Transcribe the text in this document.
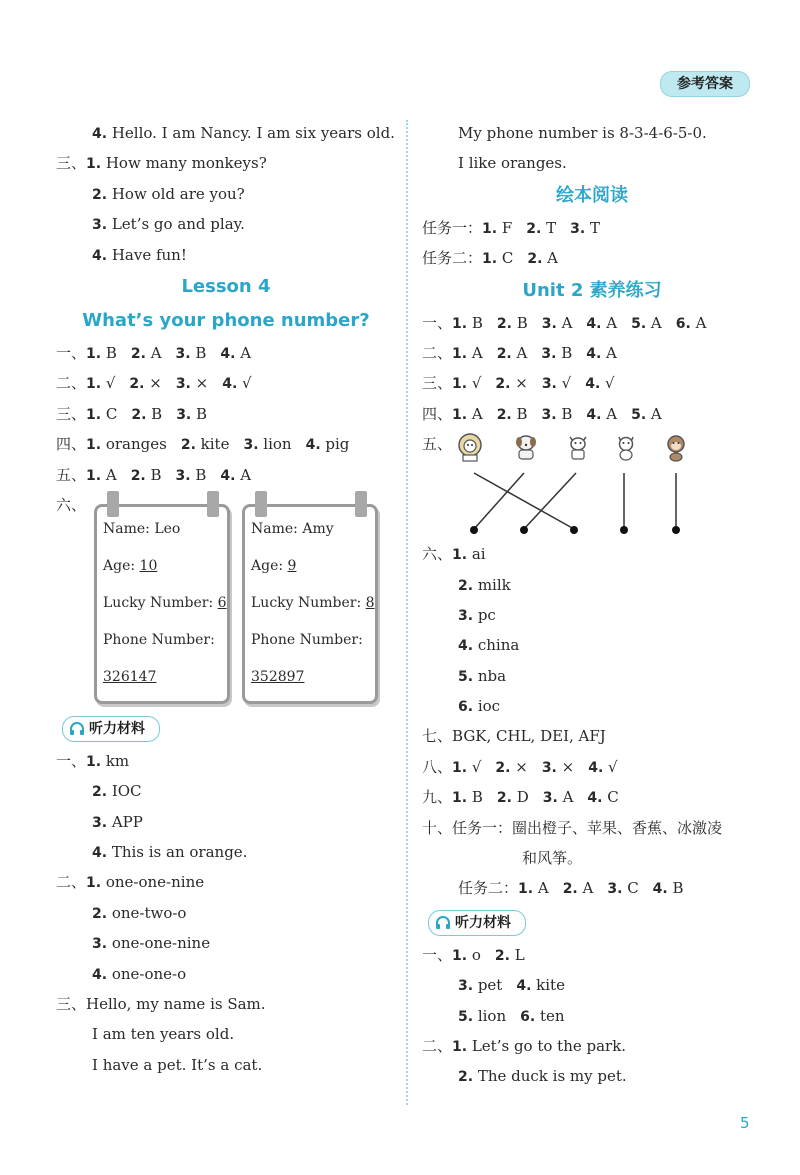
参考答案
4. Hello. I am Nancy. I am six years old.
三、1. How many monkeys?
2. How old are you?
3. Let’s go and play.
4. Have fun!
Lesson 4
What’s your phone number?
一、1. B 2. A 3. B 4. A
二、1. √ 2. × 3. × 4. √
三、1. C 2. B 3. B
四、1. oranges 2. kite 3. lion 4. pig
五、1. A 2. B 3. B 4. A
六、
Name: Leo
Age: 10
Lucky Number: 6
Phone Number:
326147
Name: Amy
Age: 9
Lucky Number: 8
Phone Number:
352897
听力材料
一、1. km
2. IOC
3. APP
4. This is an orange.
二、1. one-one-nine
2. one-two-o
3. one-one-nine
4. one-one-o
三、Hello, my name is Sam.
I am ten years old.
I have a pet. It’s a cat.
My phone number is 8-3-4-6-5-0.
I like oranges.
绘本阅读
任务一：1. F 2. T 3. T
任务二：1. C 2. A
Unit 2 素养练习
一、1. B 2. B 3. A 4. A 5. A 6. A
二、1. A 2. A 3. B 4. A
三、1. √ 2. × 3. √ 4. √
四、1. A 2. B 3. B 4. A 5. A
五、
六、1. ai
2. milk
3. pc
4. china
5. nba
6. ioc
七、BGK, CHL, DEI, AFJ
八、1. √ 2. × 3. × 4. √
九、1. B 2. D 3. A 4. C
十、任务一：圈出橙子、苹果、香蕉、冰激凌
和风筝。
任务二：1. A 2. A 3. C 4. B
听力材料
一、1. o 2. L
3. pet 4. kite
5. lion 6. ten
二、1. Let’s go to the park.
2. The duck is my pet.
5
